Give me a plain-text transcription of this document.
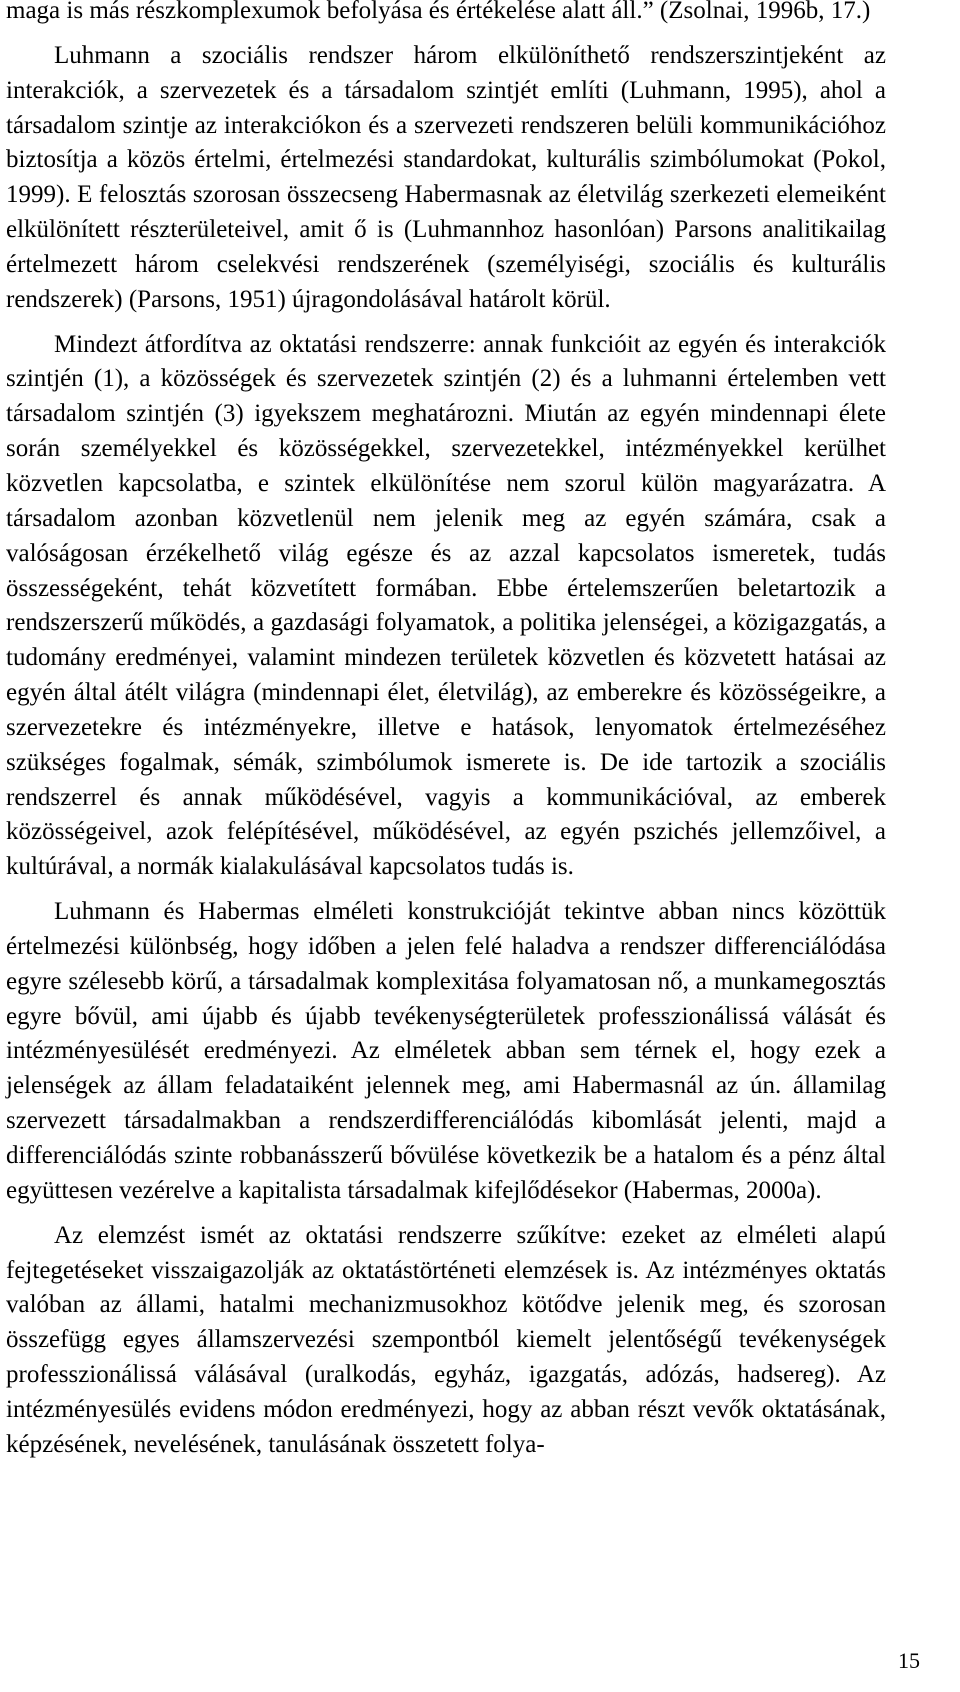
maga is más részkomplexumok befolyása és értékelése alatt áll.” (Zsolnai, 1996b, 17.)

Luhmann a szociális rendszer három elkülöníthető rendszerszintjeként az interakciók, a szervezetek és a társadalom szintjét említi (Luhmann, 1995), ahol a társadalom szintje az interakciókon és a szervezeti rendszeren belüli kommunikációhoz biztosítja a közös értelmi, értelmezési standardokat, kulturális szimbólumokat (Pokol, 1999). E felosztás szorosan összecseng Habermasnak az életvilág szerkezeti elemeiként elkülönített részterületeivel, amit ő is (Luhmannhoz hasonlóan) Parsons analitikailag értelmezett három cselekvési rendszerének (személyiségi, szociális és kulturális rendszerek) (Parsons, 1951) újragondolásával határolt körül.

Mindezt átfordítva az oktatási rendszerre: annak funkcióit az egyén és interakciók szintjén (1), a közösségek és szervezetek szintjén (2) és a luhmanni értelemben vett társadalom szintjén (3) igyekszem meghatározni. Miután az egyén mindennapi élete során személyekkel és közösségekkel, szervezetekkel, intézményekkel kerülhet közvetlen kapcsolatba, e szintek elkülönítése nem szorul külön magyarázatra. A társadalom azonban közvetlenül nem jelenik meg az egyén számára, csak a valóságosan érzékelhető világ egésze és az azzal kapcsolatos ismeretek, tudás összességeként, tehát közvetített formában. Ebbe értelemszerűen beletartozik a rendszerszerű működés, a gazdasági folyamatok, a politika jelenségei, a közigazgatás, a tudomány eredményei, valamint mindezen területek közvetlen és közvetett hatásai az egyén által átélt világra (mindennapi élet, életvilág), az emberekre és közösségeikre, a szervezetekre és intézményekre, illetve e hatások, lenyomatok értelmezéséhez szükséges fogalmak, sémák, szimbólumok ismerete is. De ide tartozik a szociális rendszerrel és annak működésével, vagyis a kommunikációval, az emberek közösségeivel, azok felépítésével, működésével, az egyén pszichés jellemzőivel, a kultúrával, a normák kialakulásával kapcsolatos tudás is.

Luhmann és Habermas elméleti konstrukcióját tekintve abban nincs közöttük értelmezési különbség, hogy időben a jelen felé haladva a rendszer differenciálódása egyre szélesebb körű, a társadalmak komplexitása folyamatosan nő, a munkamegosztás egyre bővül, ami újabb és újabb tevékenységterületek professzionálissá válását és intézményesülését eredményezi. Az elméletek abban sem térnek el, hogy ezek a jelenségek az állam feladataiként jelennek meg, ami Habermasnál az ún. államilag szervezett társadalmakban a rendszerdifferenciálódás kibomlását jelenti, majd a differenciálódás szinte robbanásszerű bővülése következik be a hatalom és a pénz által együttesen vezérelve a kapitalista társadalmak kifejlődésekor (Habermas, 2000a).

Az elemzést ismét az oktatási rendszerre szűkítve: ezeket az elméleti alapú fejtegetéseket visszaigazolják az oktatástörténeti elemzések is. Az intézményes oktatás valóban az állami, hatalmi mechanizmusokhoz kötődve jelenik meg, és szorosan összefügg egyes államszervezési szempontból kiemelt jelentőségű tevékenységek professzionálissá válásával (uralkodás, egyház, igazgatás, adózás, hadsereg). Az intézményesülés evidens módon eredményezi, hogy az abban részt vevők oktatásának, képzésének, nevelésének, tanulásának összetett folya-

15
